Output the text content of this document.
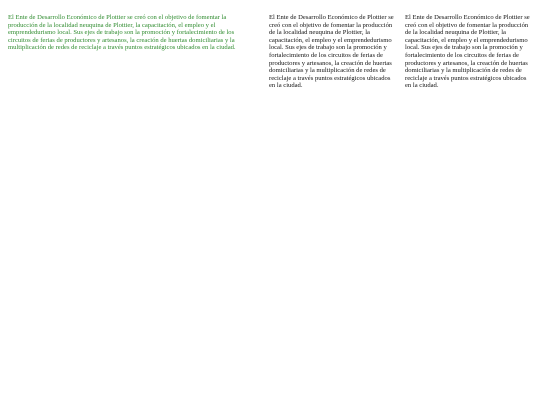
El Ente de Desarrollo Económico de Plottier se creó con el objetivo de fomentar la producción de la localidad neuquina de Plottier, la capacitación, el empleo y el emprendedurismo local. Sus ejes de trabajo son la promoción y fortalecimiento de los circuitos de ferias de productores y artesanos, la creación de huertas domiciliarias y la multiplicación de redes de reciclaje a través puntos estratégicos ubicados en la ciudad.

El Ente de Desarrollo Económico de Plottier se creó con el objetivo de fomentar la producción de la localidad neuquina de Plottier, la capacitación, el empleo y el emprendedurismo local. Sus ejes de trabajo son la promoción y fortalecimiento de los circuitos de ferias de productores y artesanos, la creación de huertas domiciliarias y la multiplicación de redes de reciclaje a través puntos estratégicos ubicados en la ciudad.

El Ente de Desarrollo Económico de Plottier se creó con el objetivo de fomentar la producción de la localidad neuquina de Plottier, la capacitación, el empleo y el emprendedurismo local. Sus ejes de trabajo son la promoción y fortalecimiento de los circuitos de ferias de productores y artesanos, la creación de huertas domiciliarias y la multiplicación de redes de reciclaje a través puntos estratégicos ubicados en la ciudad.
